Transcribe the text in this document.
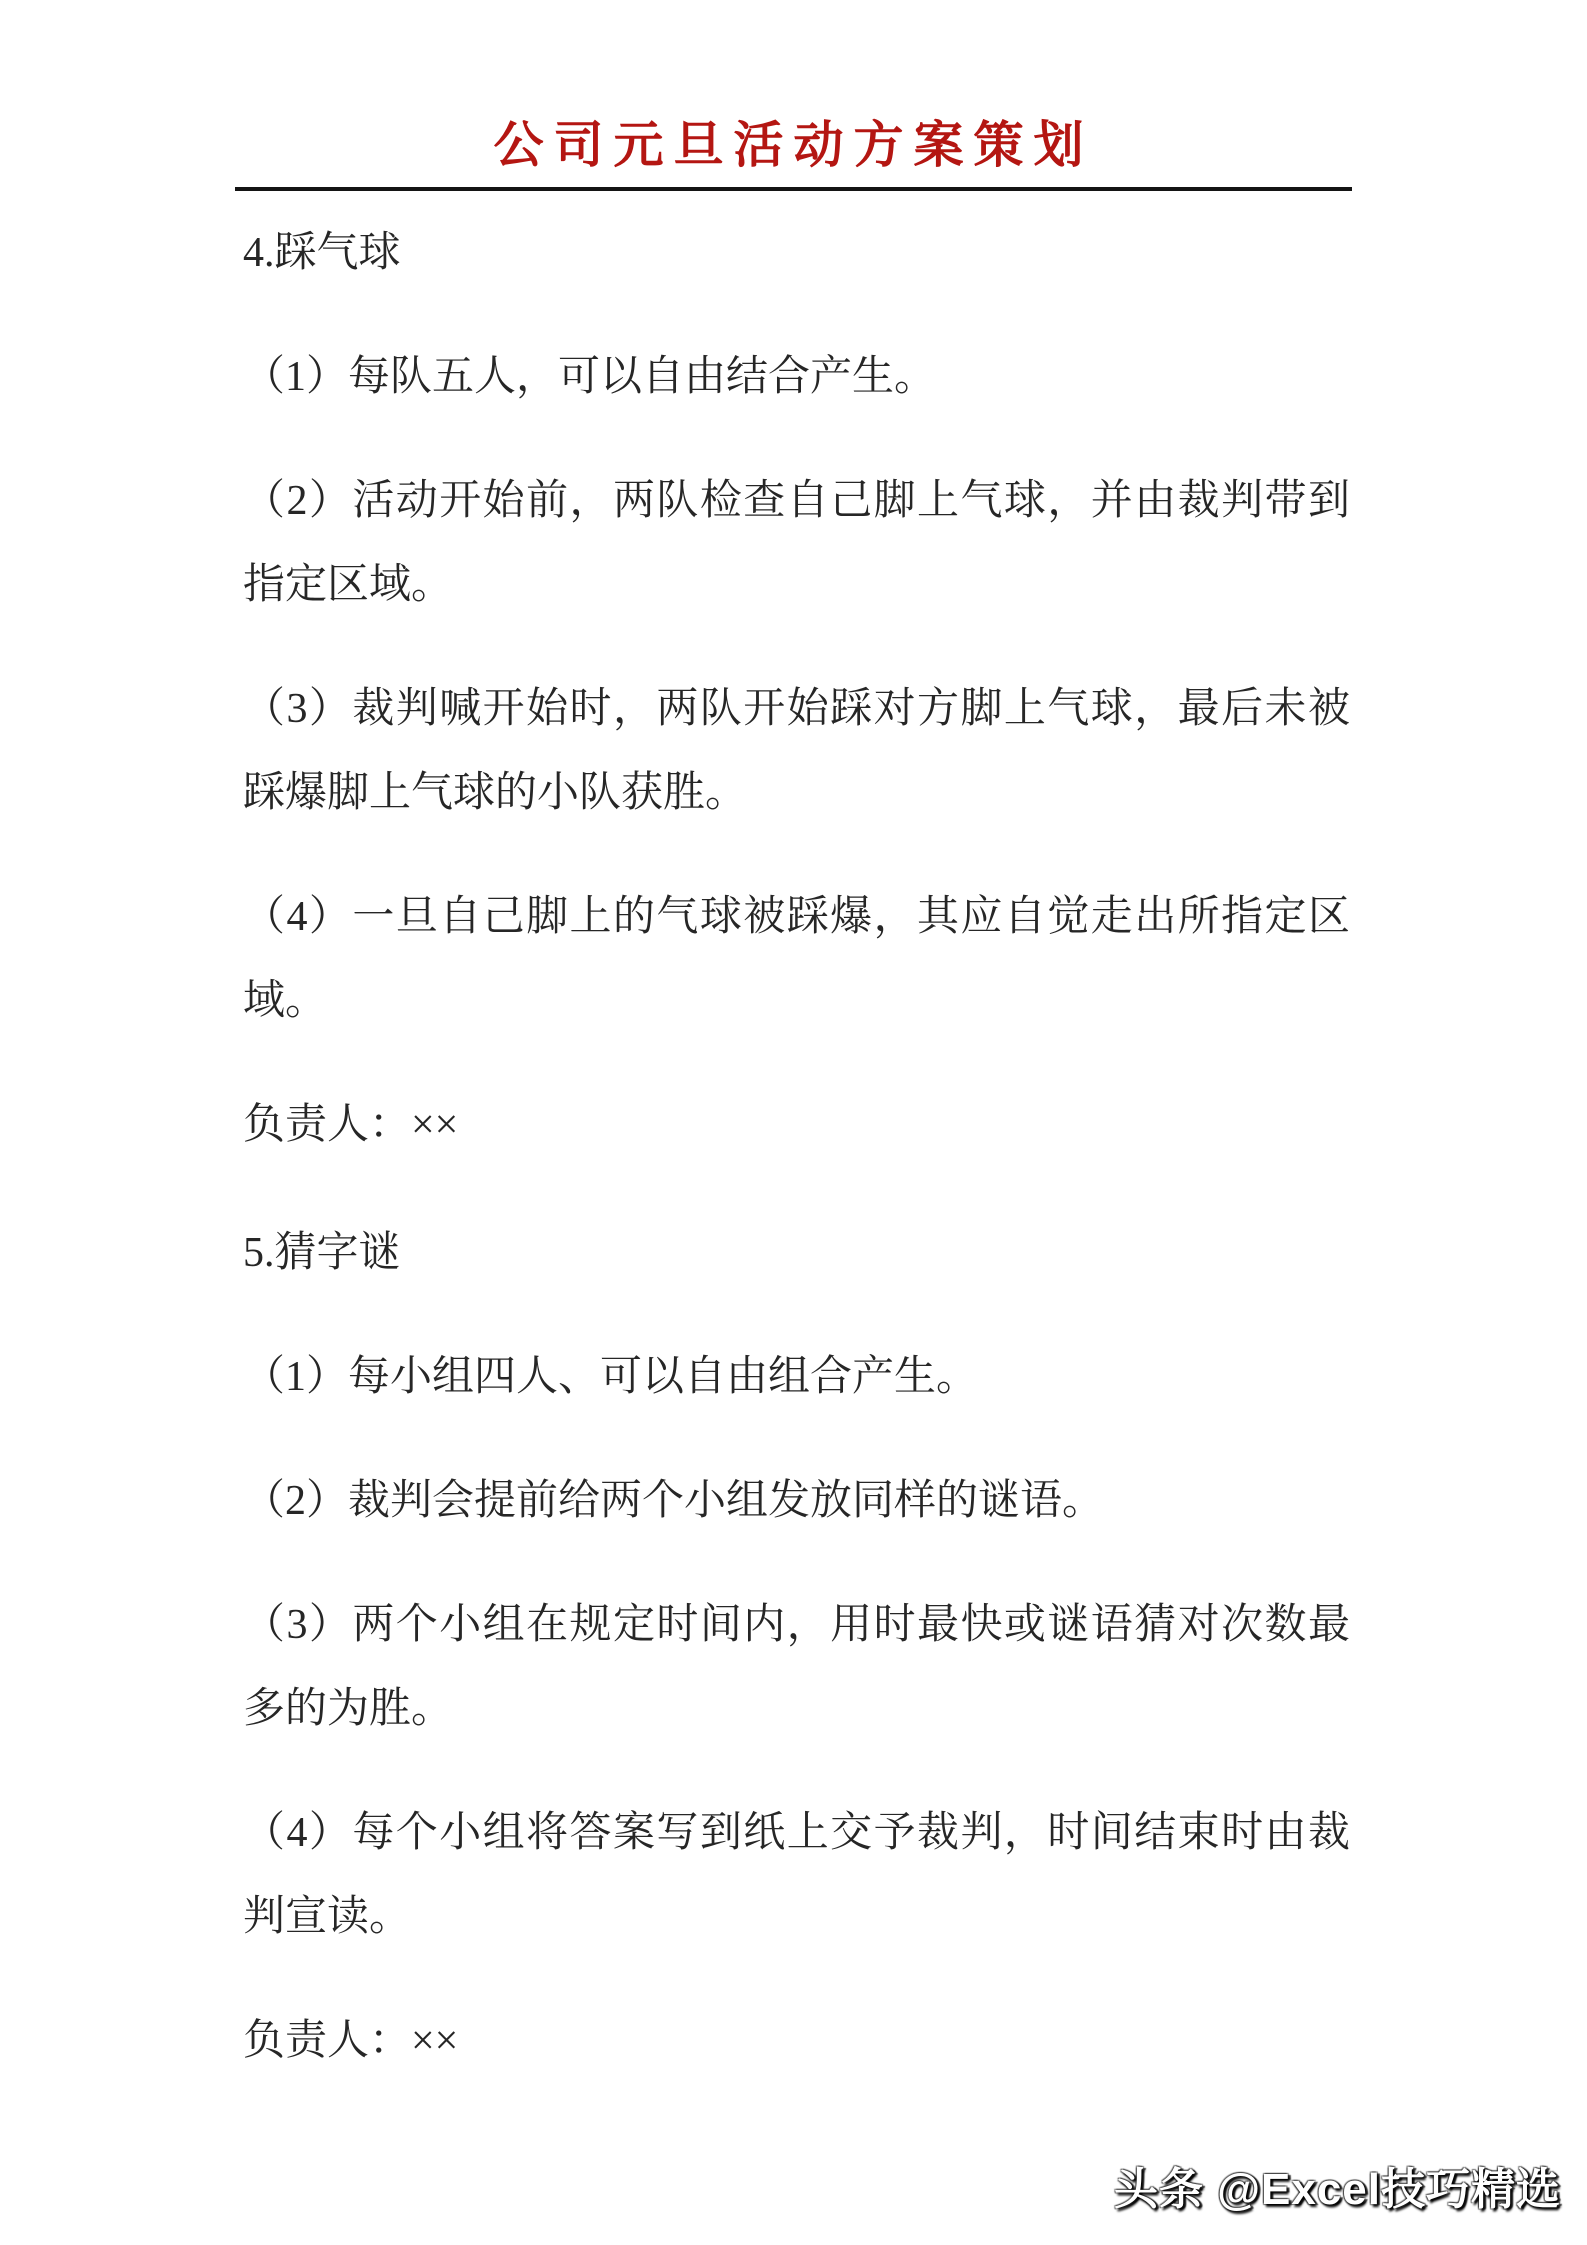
公司元旦活动方案策划

4.踩气球

（1）每队五人，可以自由结合产生。

（2）活动开始前，两队检查自己脚上气球，并由裁判带到指定区域。

（3）裁判喊开始时，两队开始踩对方脚上气球，最后未被踩爆脚上气球的小队获胜。

（4）一旦自己脚上的气球被踩爆，其应自觉走出所指定区域。

负责人：××

5.猜字谜

（1）每小组四人、可以自由组合产生。

（2）裁判会提前给两个小组发放同样的谜语。

（3）两个小组在规定时间内，用时最快或谜语猜对次数最多的为胜。

（4）每个小组将答案写到纸上交予裁判，时间结束时由裁判宣读。

负责人：××

头条 @Excel技巧精选
